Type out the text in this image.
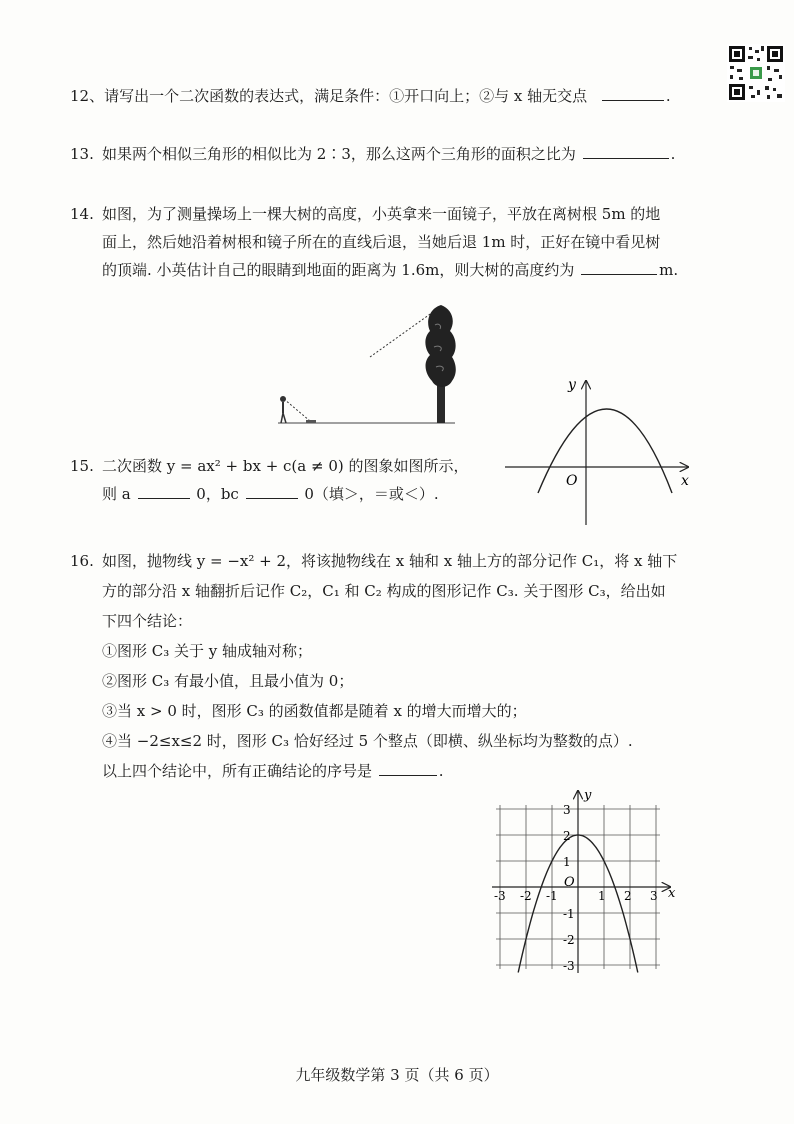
12、请写出一个二次函数的表达式，满足条件：①开口向上；②与 x 轴无交点	.
13. 如果两个相似三角形的相似比为 2∶3，那么这两个三角形的面积之比为	.
14. 如图，为了测量操场上一棵大树的高度，小英拿来一面镜子，平放在离树根 5m 的地
面上，然后她沿着树根和镜子所在的直线后退，当她后退 1m 时，正好在镜中看见树
的顶端. 小英估计自己的眼睛到地面的距离为 1.6m，则大树的高度约为	m.
15. 二次函数 y = ax² + bx + c(a ≠ 0) 的图象如图所示，
则 a	0，bc	0（填＞，＝或＜）.
y
x
O
16. 如图，抛物线 y = −x² + 2，将该抛物线在 x 轴和 x 轴上方的部分记作 C₁，将 x 轴下
方的部分沿 x 轴翻折后记作 C₂，C₁ 和 C₂ 构成的图形记作 C₃. 关于图形 C₃，给出如
下四个结论：
①图形 C₃ 关于 y 轴成轴对称；
②图形 C₃ 有最小值，且最小值为 0；
③当 x > 0 时，图形 C₃ 的函数值都是随着 x 的增大而增大的；
④当 −2≤x≤2 时，图形 C₃ 恰好经过 5 个整点（即横、纵坐标均为整数的点）.
以上四个结论中，所有正确结论的序号是	.
-3 -2 -1	1 2 3
3
2
1
-1
-2
-3
y
x
O
九年级数学第 3 页（共 6 页）
